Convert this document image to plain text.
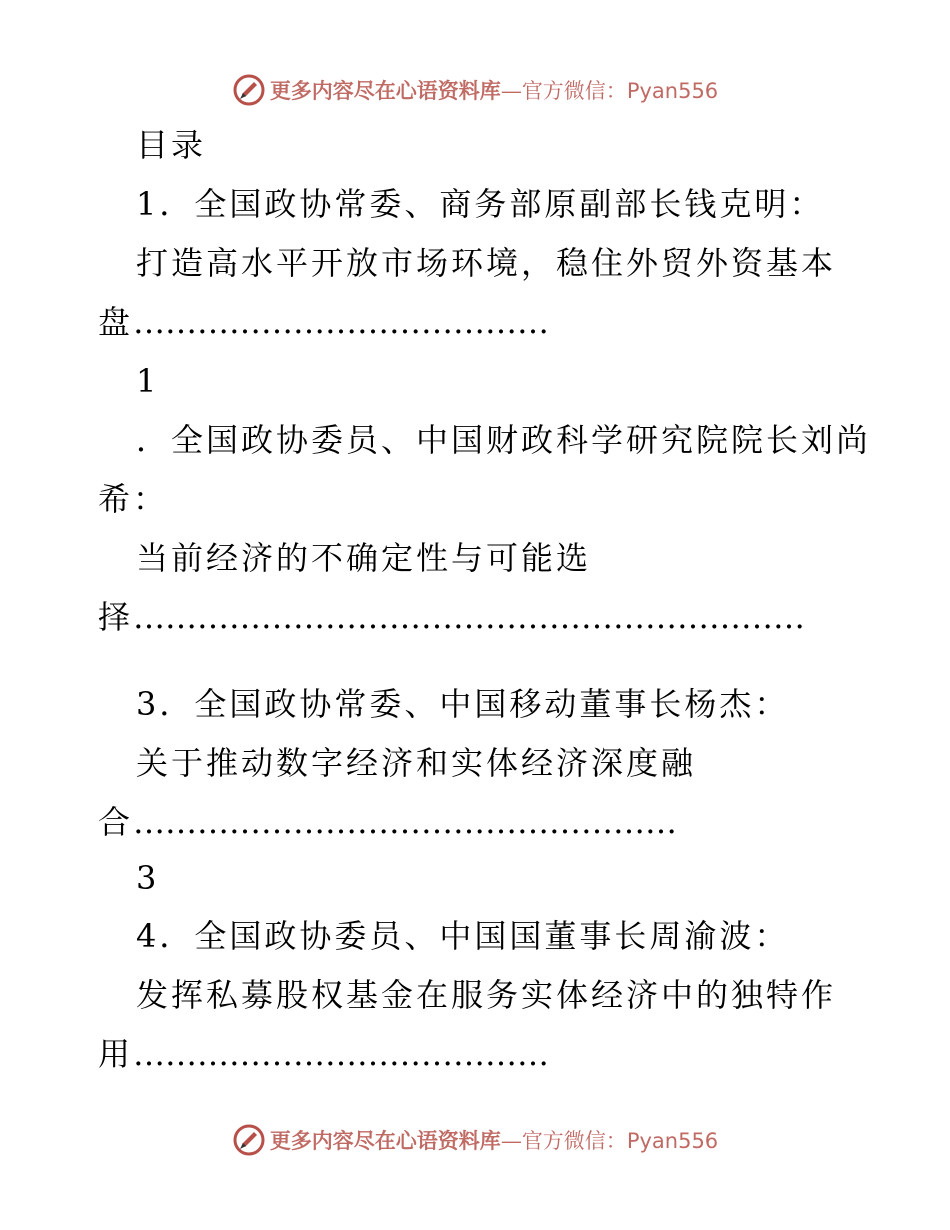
更多内容尽在心语资料库—官方微信：Pyan556
目录
1．全国政协常委、商务部原副部长钱克明：
打造高水平开放市场环境，稳住外贸外资基本
盘…………………………………
1
．全国政协委员、中国财政科学研究院院长刘尚
希：
当前经济的不确定性与可能选
择………………………………………………………
3．全国政协常委、中国移动董事长杨杰：
关于推动数字经济和实体经济深度融
合……………………………………………
3
4．全国政协委员、中国国董事长周渝波：
发挥私募股权基金在服务实体经济中的独特作
用…………………………………
更多内容尽在心语资料库—官方微信：Pyan556
